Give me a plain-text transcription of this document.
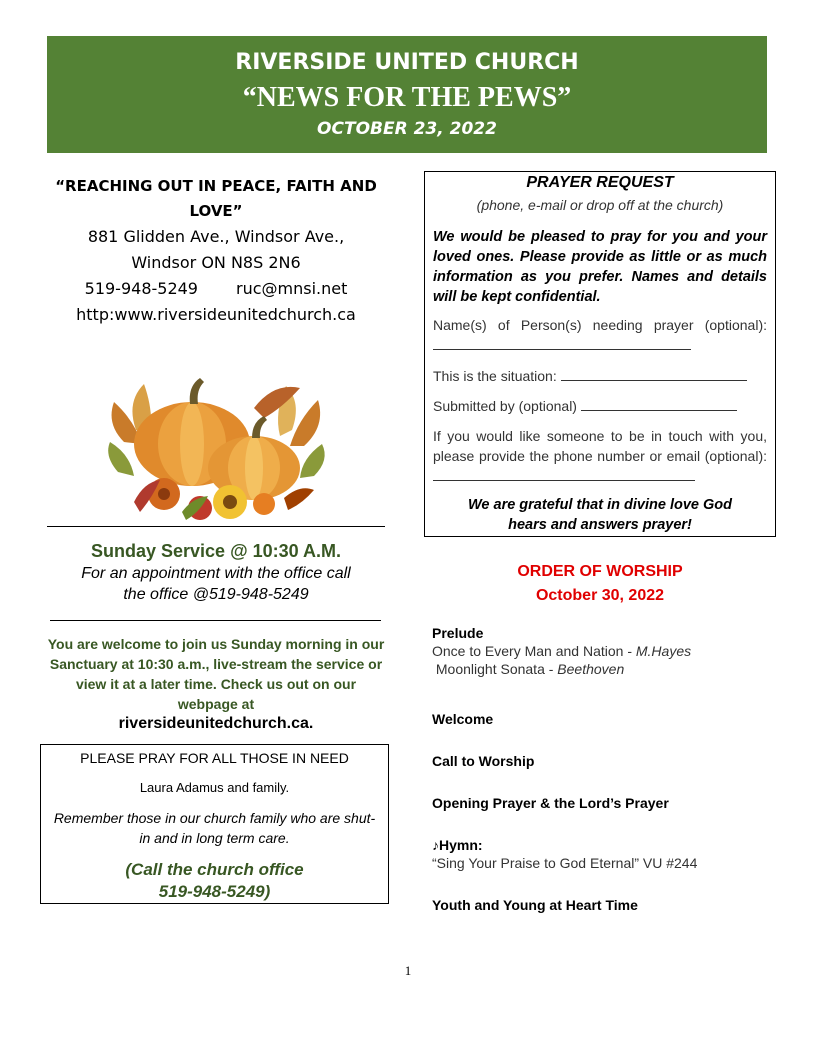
RIVERSIDE UNITED CHURCH
“NEWS FOR THE PEWS”
OCTOBER 23, 2022
“REACHING OUT IN PEACE, FAITH AND LOVE”
881 Glidden Ave., Windsor Ave.,
Windsor ON N8S 2N6
519-948-5249 ruc@mnsi.net
http:www.riversideunitedchurch.ca
Sunday Service @ 10:30 A.M.
For an appointment with the office call
the office @519-948-5249
You are welcome to join us Sunday morning in our Sanctuary at 10:30 a.m., live-stream the service or view it at a later time. Check us out on our webpage at
riversideunitedchurch.ca.
PLEASE PRAY FOR ALL THOSE IN NEED
Laura Adamus and family.
Remember those in our church family who are shut-in and in long term care.
(Call the church office
519-948-5249)
PRAYER REQUEST
(phone, e-mail or drop off at the church)
We would be pleased to pray for you and your loved ones. Please provide as little or as much information as you prefer. Names and details will be kept confidential.
Name(s) of Person(s) needing prayer (optional):
This is the situation:
Submitted by (optional)
If you would like someone to be in touch with you, please provide the phone number or email (optional):
We are grateful that in divine love God
hears and answers prayer!
ORDER OF WORSHIP
October 30, 2022
Prelude
Once to Every Man and Nation - M.Hayes
Moonlight Sonata - Beethoven
Welcome
Call to Worship
Opening Prayer & the Lord’s Prayer
♪Hymn:
“Sing Your Praise to God Eternal” VU #244
Youth and Young at Heart Time
1
